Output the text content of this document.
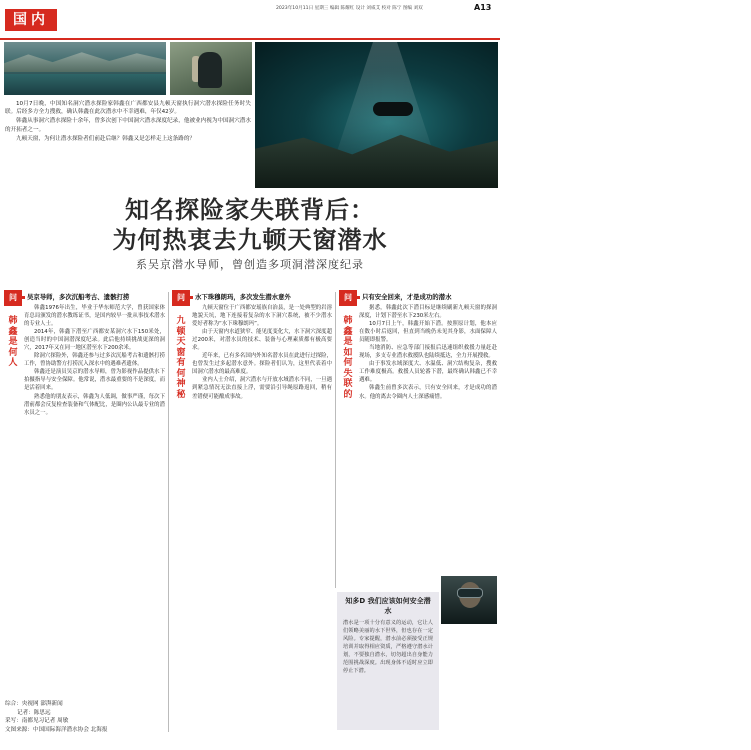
国内
2023年10月11日 星期三 编辑 陈耀红 设计 刘威艾 校对 陈宁 图编 刘双	A13
中国知名洞穴探险潜水员韩鑫

10月7日晚，中国知名洞穴潜水探险家韩鑫在广西都安县九顿天窗执行洞穴潜水探险任务时失联。后经多方全力搜救，确认韩鑫在此次潜水中不幸遇难，年仅42岁。

韩鑫从事洞穴潜水探险十余年，曾多次创下中国洞穴潜水深度纪录，他被业内视为中国洞穴潜水的开拓者之一。

九顿天窗，为何让潜水探险者们前赴后继？韩鑫又是怎样走上这条路的？

知名探险家失联背后：
为何热衷去九顿天窗潜水
系吴京潜水导师，曾创造多项洞潜深度纪录
问	吴京导师，多次沉船考古、遗骸打捞
韩鑫是何人

韩鑫1976年出生，毕业于华东师范大学，曾获国家体育总局颁发的潜水教练证书，是国内较早一批从事技术潜水的专业人士。

2014年，韩鑫下潜至广西都安某洞穴水下150米处，创造当时的中国洞潜深度纪录。此后他持续挑战更深的洞穴，2017年又在同一地区潜至水下200余米。

除洞穴探险外，韩鑫还参与过多次沉船考古和遗骸打捞工作，曾协助警方打捞沉入深水中的遇难者遗体。

韩鑫还是演员吴京的潜水导师，曾为影视作品提供水下拍摄指导与安全保障。他常说，潜水最重要的不是深度，而是活着回来。

熟悉他的朋友表示，韩鑫为人低调，做事严谨，每次下潜前都会反复检查装备和气体配比，是圈内公认最专业的潜水员之一。

综合：央视网 澎湃新闻
记者：陈思远
采写：南都见习记者 周敏
文图来源：中国国际海洋潜水协会 北海报
问	水下珠穆朗玛，多次发生潜水意外
九顿天窗有何神秘

九顿天窗位于广西都安瑶族自治县，是一处典型的岩溶地貌天坑，地下连接着复杂的水下洞穴系统，被不少潜水爱好者称为“水下珠穆朗玛”。

由于天窗内水道狭窄、能见度变化大，水下洞穴深度超过200米，对潜水员的技术、装备与心理素质都有极高要求。

近年来，已有多名国内外知名潜水员在此进行过探险，也曾发生过多起潜水意外。探险者们认为，这里代表着中国洞穴潜水的最高难度。

业内人士介绍，洞穴潜水与开放水域潜水不同，一旦遇到紧急情况无法直接上浮，需要沿引导绳原路返回，稍有差错便可能酿成事故。

问	只有安全回来，才是成功的潜水
韩鑫是如何失联的

据悉，韩鑫此次下潜目标是继续刷新九顿天窗的探洞深度，计划下潜至水下230米左右。

10月7日上午，韩鑫开始下潜。按照原计划，他本应在数小时后返回，但直到当晚仍未见其身影，水面保障人员随即报警。

当地消防、应急等部门接报后迅速组织救援力量赶赴现场，多支专业潜水救援队也陆续抵达，全力开展搜救。

由于事发水域深度大、水温低、洞穴结构复杂，搜救工作难度极高。救援人员轮番下潜，最终确认韩鑫已不幸遇难。

韩鑫生前曾多次表示，只有安全回来，才是成功的潜水。他的离去令圈内人士深感痛惜。

知多D 我们应该如何安全潜水
潜水是一项十分有意义的运动，它让人们领略美丽的水下世界，但也存在一定风险。专家提醒，潜水前必须接受正规培训并取得相应资质，严格遵守潜水计划，不要独自潜水，切勿超出自身能力范围挑战深度。出现身体不适时应立即停止下潜。
